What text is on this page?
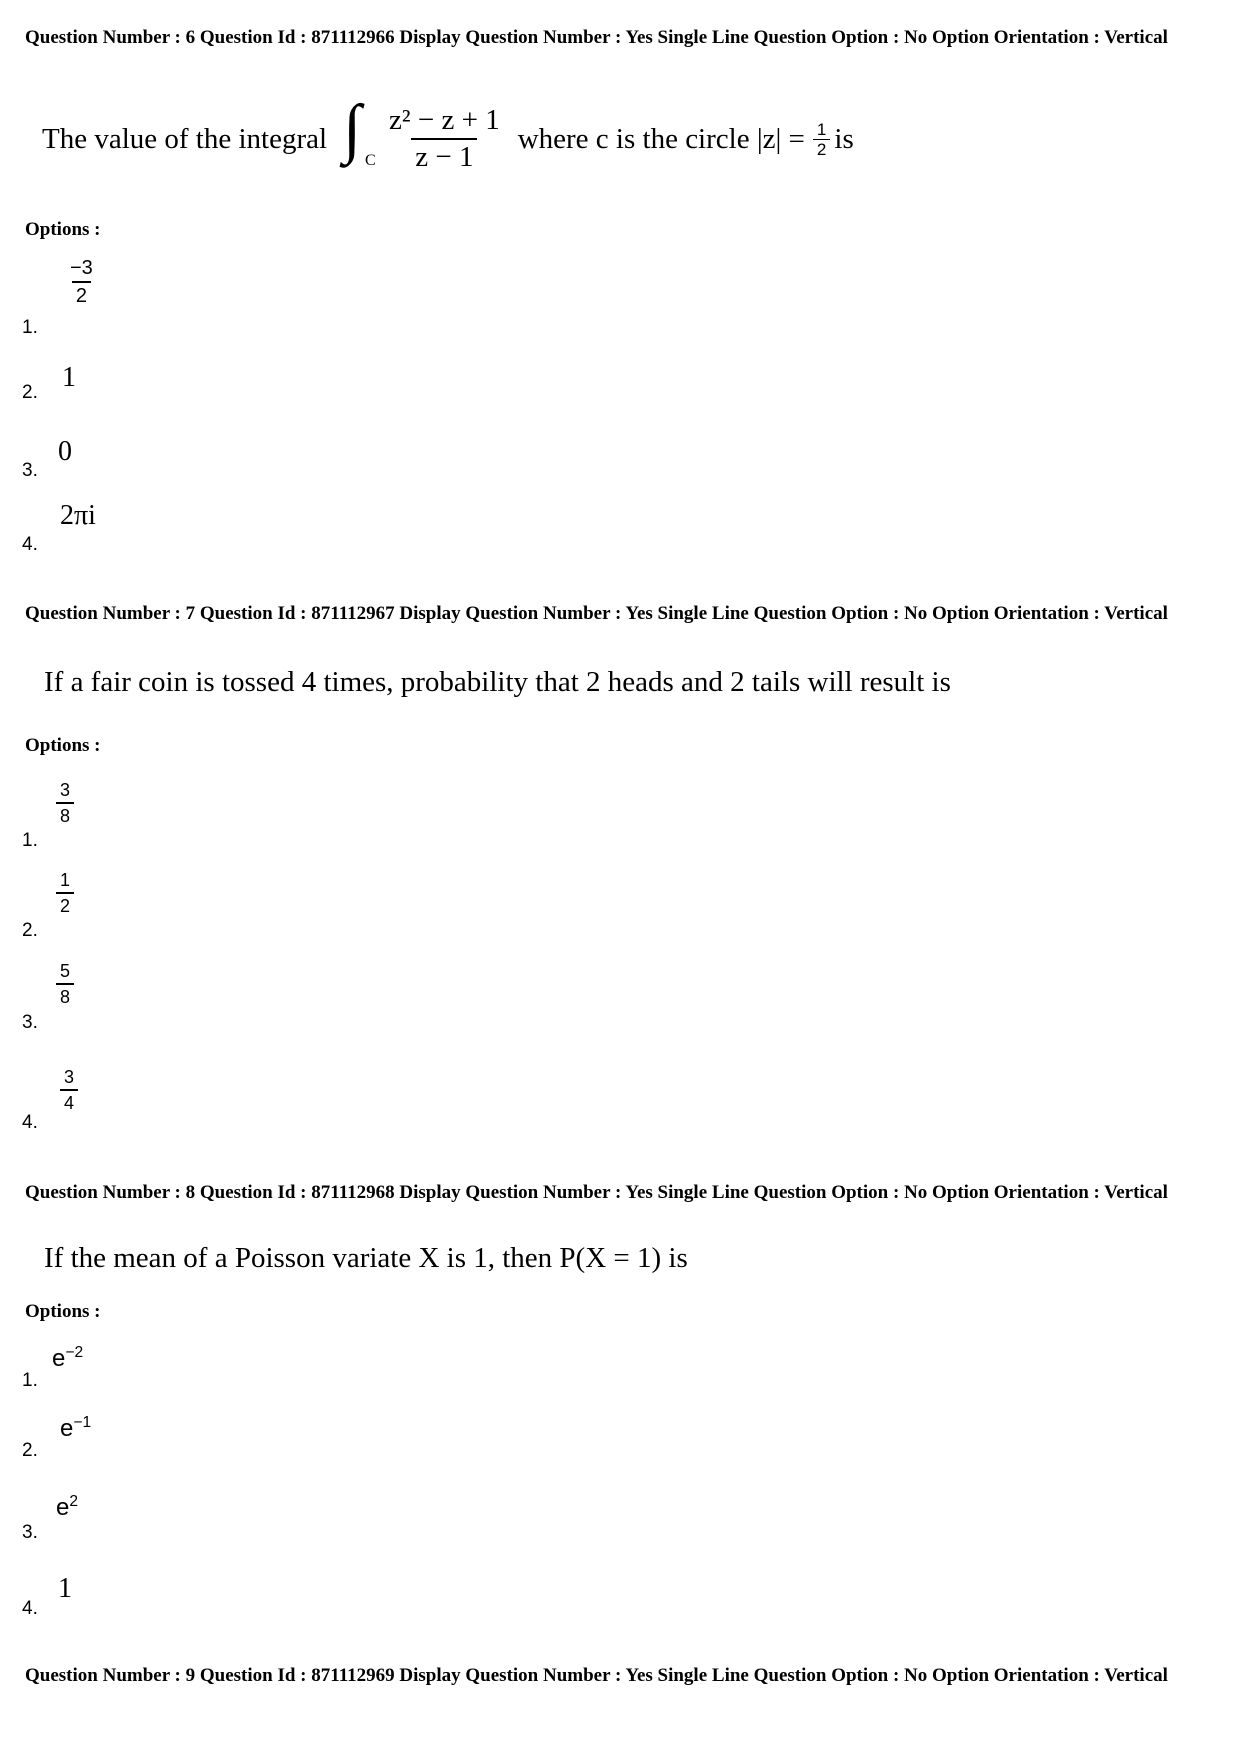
Question Number : 6 Question Id : 871112966 Display Question Number : Yes Single Line Question Option : No Option Orientation : Vertical
The value of the integral ∫ C $\frac{\text{z² − z + 1}}{z - 1}$ where c is the circle $|z| = \frac{1}{2}$ is
Options :
1.
$\frac{-3}{2}$
2. 1
3.
0
4.
2πi
Question Number : 7 Question Id : 871112967 Display Question Number : Yes Single Line Question Option : No Option Orientation : Vertical
If a fair coin is tossed 4 times, probability that 2 heads and 2 tails will result is
Options :
1.
$\frac{3}{8}$
2.
$\frac{1}{2}$
3.
$\frac{5}{8}$
4.
$\frac{3}{4}$
Question Number : 8 Question Id : 871112968 Display Question Number : Yes Single Line Question Option : No Option Orientation : Vertical
If the mean of a Poisson variate X is 1, then P(X = 1) is
Options :
1.
$e^{-2}$
2.
$e^{-1}$
3.
$e^2$
4.
1
Question Number : 9 Question Id : 871112969 Display Question Number : Yes Single Line Question Option : No Option Orientation : Vertical
